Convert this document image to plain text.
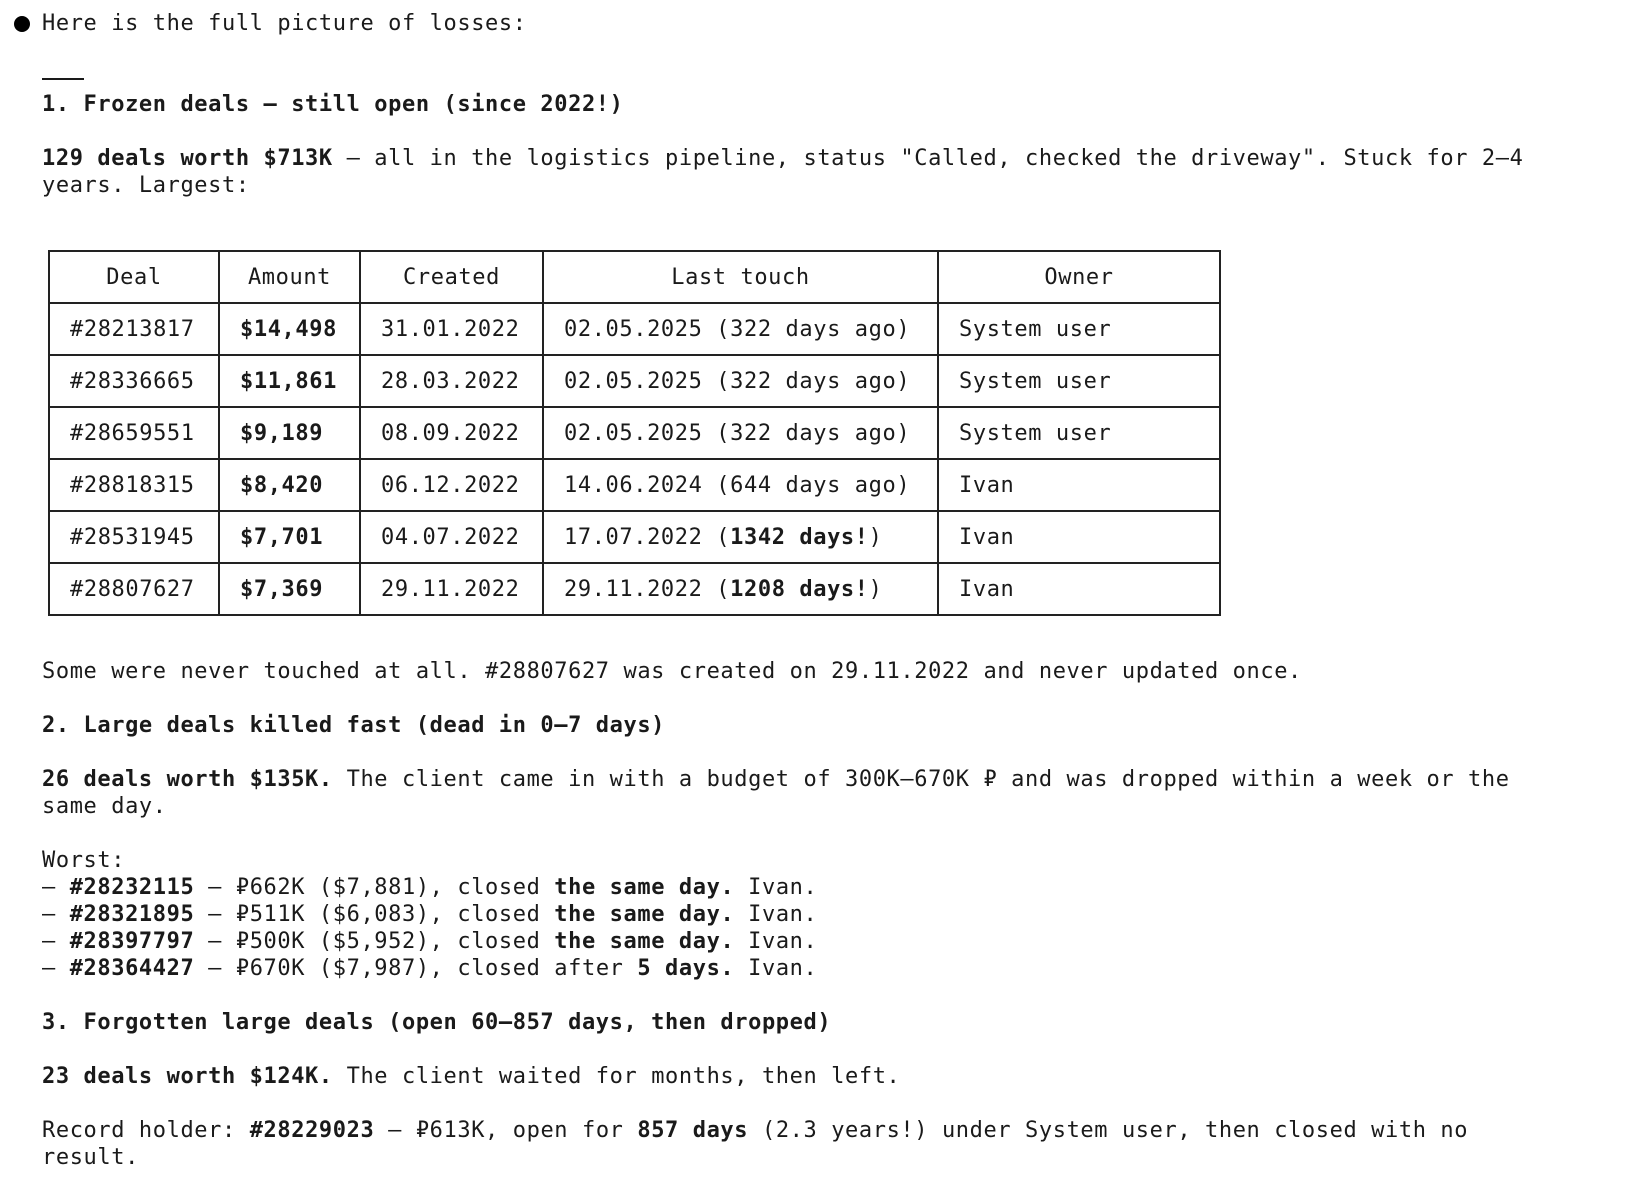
Here is the full picture of losses:
1. Frozen deals — still open (since 2022!)
129 deals worth $713K — all in the logistics pipeline, status "Called, checked the driveway". Stuck for 2–4
years. Largest:
Deal	Amount	Created	Last touch	Owner
#28213817	$14,498	31.01.2022	02.05.2025 (322 days ago)	System user
#28336665	$11,861	28.03.2022	02.05.2025 (322 days ago)	System user
#28659551	$9,189	08.09.2022	02.05.2025 (322 days ago)	System user
#28818315	$8,420	06.12.2022	14.06.2024 (644 days ago)	Ivan
#28531945	$7,701	04.07.2022	17.07.2022 (1342 days!)	Ivan
#28807627	$7,369	29.11.2022	29.11.2022 (1208 days!)	Ivan
Some were never touched at all. #28807627 was created on 29.11.2022 and never updated once.
2. Large deals killed fast (dead in 0–7 days)
26 deals worth $135K. The client came in with a budget of 300K–670K ₽ and was dropped within a week or the
same day.
Worst:
— #28232115 — ₽662K ($7,881), closed the same day. Ivan.
— #28321895 — ₽511K ($6,083), closed the same day. Ivan.
— #28397797 — ₽500K ($5,952), closed the same day. Ivan.
— #28364427 — ₽670K ($7,987), closed after 5 days. Ivan.
3. Forgotten large deals (open 60–857 days, then dropped)
23 deals worth $124K. The client waited for months, then left.
Record holder: #28229023 — ₽613K, open for 857 days (2.3 years!) under System user, then closed with no
result.
